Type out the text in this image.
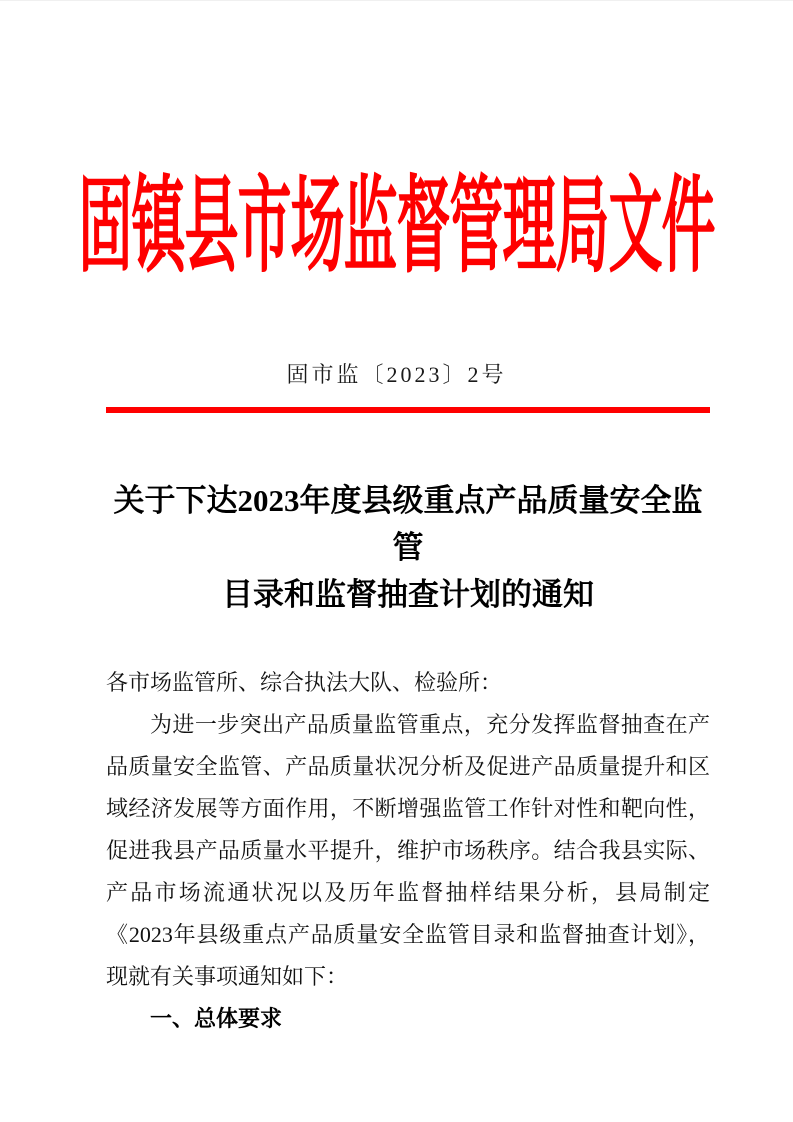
固镇县市场监督管理局文件
固市监〔2023〕2号
关于下达2023年度县级重点产品质量安全监管
目录和监督抽查计划的通知

各市场监管所、综合执法大队、检验所：

为进一步突出产品质量监管重点，充分发挥监督抽查在产品质量安全监管、产品质量状况分析及促进产品质量提升和区域经济发展等方面作用，不断增强监管工作针对性和靶向性，促进我县产品质量水平提升，维护市场秩序。结合我县实际、产品市场流通状况以及历年监督抽样结果分析，县局制定《2023年县级重点产品质量安全监管目录和监督抽查计划》，现就有关事项通知如下：

一、总体要求
